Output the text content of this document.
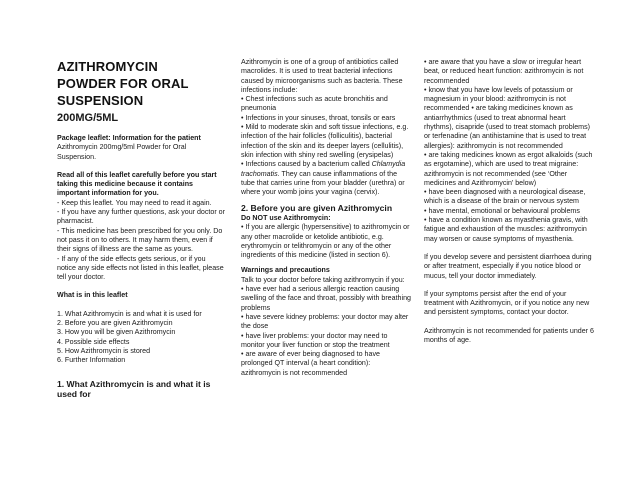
AZITHROMYCIN
POWDER FOR ORAL
SUSPENSION
200MG/5ML

Package leaflet: Information for the patient

Azithromycin 200mg/5ml Powder for Oral Suspension.

Read all of this leaflet carefully before you start taking this medicine because it contains important information for you.

- Keep this leaflet. You may need to read it again.

- If you have any further questions, ask your doctor or pharmacist.

- This medicine has been prescribed for you only. Do not pass it on to others. It may harm them, even if their signs of illness are the same as yours.

- If any of the side effects gets serious, or if you notice any side effects not listed in this leaflet, please tell your doctor.

What is in this leaflet

1. What Azithromycin is and what it is used for

2. Before you are given Azithromycin

3. How you will be given Azithromycin

4. Possible side effects

5. How Azithromycin is stored

6. Further Information

1. What Azithromycin is and what it is used for

Azithromycin is one of a group of antibiotics called macrolides. It is used to treat bacterial infections caused by microorganisms such as bacteria. These infections include:

• Chest infections such as acute bronchitis and pneumonia

• Infections in your sinuses, throat, tonsils or ears

• Mild to moderate skin and soft tissue infections, e.g. infection of the hair follicles (folliculitis), bacterial infection of the skin and its deeper layers (cellulitis), skin infection with shiny red swelling (erysipelas)

• Infections caused by a bacterium called Chlamydia trachomatis. They can cause inflammations of the tube that carries urine from your bladder (urethra) or where your womb joins your vagina (cervix).

2. Before you are given Azithromycin

Do NOT use Azithromycin:

• If you are allergic (hypersensitive) to azithromycin or any other macrolide or ketolide antibiotic, e.g. erythromycin or telithromycin or any of the other ingredients of this medicine (listed in section 6).

Warnings and precautions

Talk to your doctor before taking azithromycin if you:

• have ever had a serious allergic reaction causing swelling of the face and throat, possibly with breathing problems

• have severe kidney problems: your doctor may alter the dose

• have liver problems: your doctor may need to monitor your liver function or stop the treatment

• are aware of ever being diagnosed to have prolonged QT interval (a heart condition): azithromycin is not recommended

• are aware that you have a slow or irregular heart beat, or reduced heart function: azithromycin is not recommended

• know that you have low levels of potassium or magnesium in your blood: azithromycin is not recommended • are taking medicines known as antiarrhythmics (used to treat abnormal heart rhythms), cisapride (used to treat stomach problems) or terfenadine (an antihistamine that is used to treat allergies): azithromycin is not recommended

• are taking medicines known as ergot alkaloids (such as ergotamine), which are used to treat migraine: azithromycin is not recommended (see ‘Other medicines and Azithromycin’ below)

• have been diagnosed with a neurological disease, which is a disease of the brain or nervous system

• have mental, emotional or behavioural problems

• have a condition known as myasthenia gravis, with fatigue and exhaustion of the muscles: azithromycin may worsen or cause symptoms of myasthenia.

If you develop severe and persistent diarrhoea during or after treatment, especially if you notice blood or mucus, tell your doctor immediately.

If your symptoms persist after the end of your treatment with Azithromycin, or if you notice any new and persistent symptoms, contact your doctor.

Azithromycin is not recommended for patients under 6 months of age.
